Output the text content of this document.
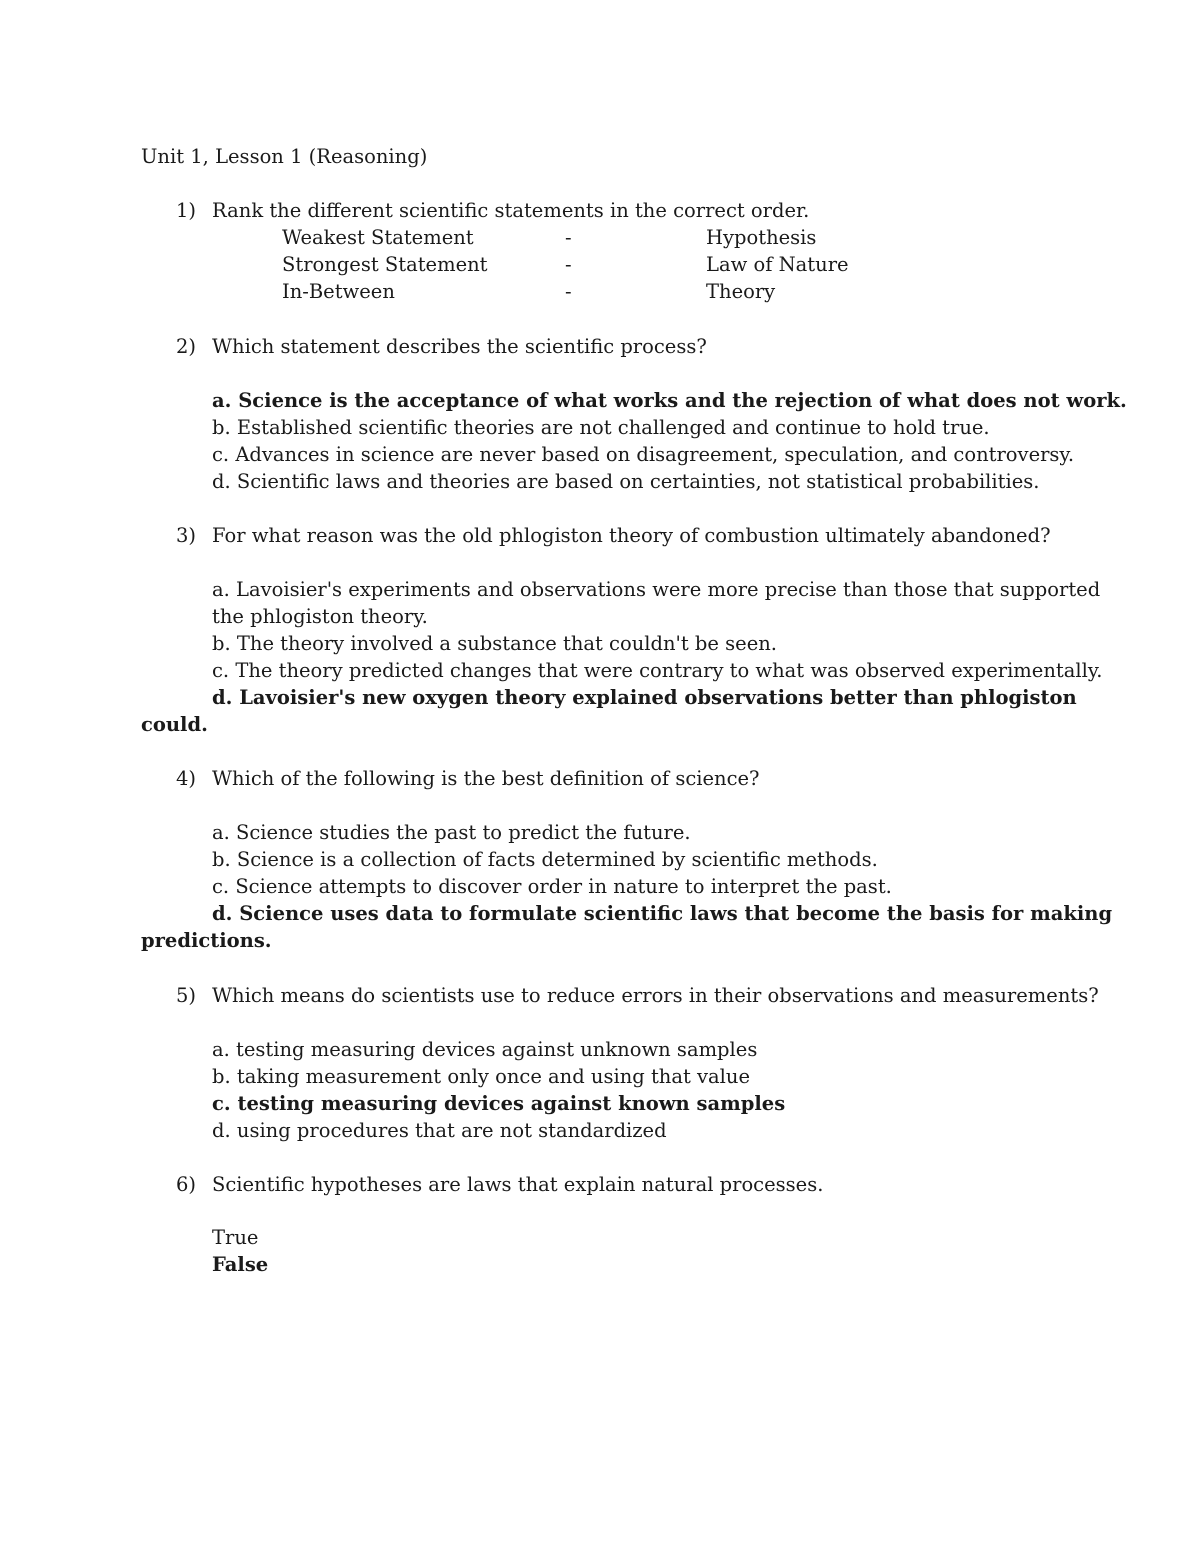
Unit 1, Lesson 1 (Reasoning)
1) Rank the different scientific statements in the correct order.
Weakest Statement	-	Hypothesis
Strongest Statement	-	Law of Nature
In-Between	-	Theory
2) Which statement describes the scientific process?
a. Science is the acceptance of what works and the rejection of what does not work.
b. Established scientific theories are not challenged and continue to hold true.
c. Advances in science are never based on disagreement, speculation, and controversy.
d. Scientific laws and theories are based on certainties, not statistical probabilities.
3) For what reason was the old phlogiston theory of combustion ultimately abandoned?
a. Lavoisier's experiments and observations were more precise than those that supported
the phlogiston theory.
b. The theory involved a substance that couldn't be seen.
c. The theory predicted changes that were contrary to what was observed experimentally.
d. Lavoisier's new oxygen theory explained observations better than phlogiston
could.
4) Which of the following is the best definition of science?
a. Science studies the past to predict the future.
b. Science is a collection of facts determined by scientific methods.
c. Science attempts to discover order in nature to interpret the past.
d. Science uses data to formulate scientific laws that become the basis for making
predictions.
5) Which means do scientists use to reduce errors in their observations and measurements?
a. testing measuring devices against unknown samples
b. taking measurement only once and using that value
c. testing measuring devices against known samples
d. using procedures that are not standardized
6) Scientific hypotheses are laws that explain natural processes.
True
False
